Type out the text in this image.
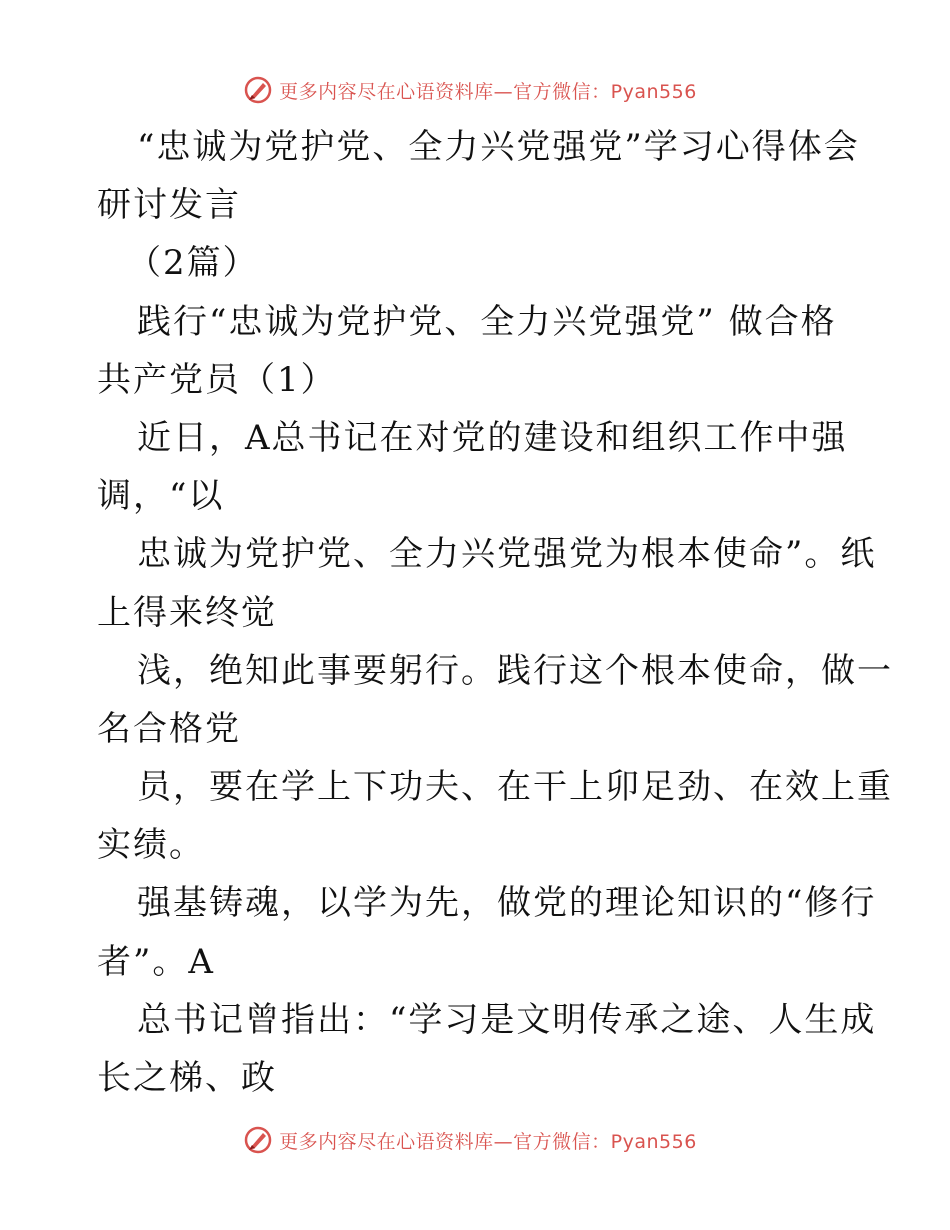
更多内容尽在心语资料库—官方微信：Pyan556
“忠诚为党护党、全力兴党强党”学习心得体会
研讨发言
（2篇）
践行“忠诚为党护党、全力兴党强党” 做合格
共产党员（1）
近日，A总书记在对党的建设和组织工作中强
调，“以
忠诚为党护党、全力兴党强党为根本使命”。纸
上得来终觉
浅，绝知此事要躬行。践行这个根本使命，做一
名合格党
员，要在学上下功夫、在干上卯足劲、在效上重
实绩。
强基铸魂，以学为先，做党的理论知识的“修行
者”。A
总书记曾指出：“学习是文明传承之途、人生成
长之梯、政
更多内容尽在心语资料库—官方微信：Pyan556
